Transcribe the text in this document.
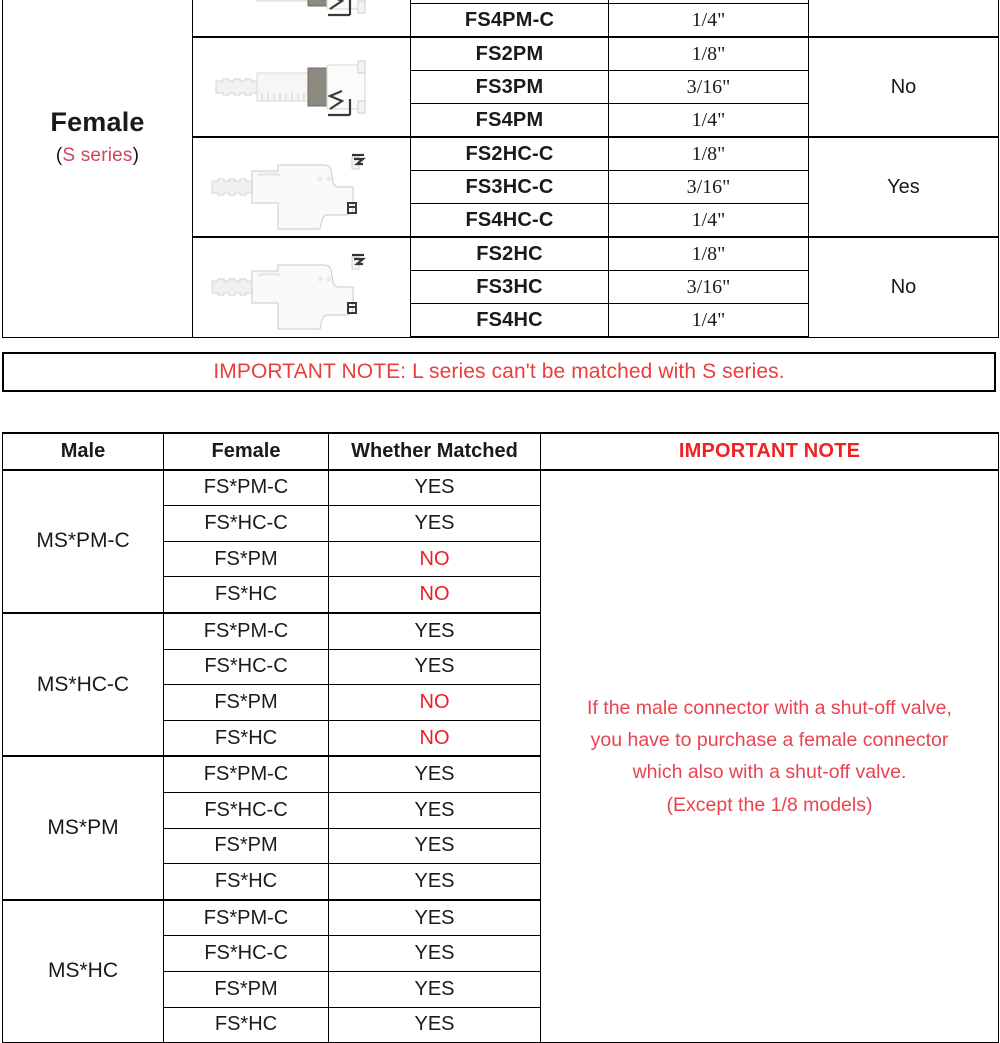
Female
(S series)

		FS4PM-C	1/4"	

	FS2PM	1/8"	No
		FS3PM	3/16"	
		FS4PM	1/4"	

	FS2HC-C	1/8"	Yes
		FS3HC-C	3/16"	
		FS4HC-C	1/4"	

	FS2HC	1/8"	No
		FS3HC	3/16"	
		FS4HC	1/4"	
IMPORTANT NOTE: L series can't be matched with S series.
Male	Female	Whether Matched	IMPORTANT NOTE
MS*PM-C	FS*PM-C	YES	If the male connector with a shut-off valve,
you have to purchase a female connector
which also with a shut-off valve.
(Except the 1/8 models)

	FS*HC-C	YES	
	FS*PM	NO	
	FS*HC	NO	
MS*HC-C	FS*PM-C	YES	
	FS*HC-C	YES	
	FS*PM	NO	
	FS*HC	NO	
MS*PM	FS*PM-C	YES	
	FS*HC-C	YES	
	FS*PM	YES	
	FS*HC	YES	
MS*HC	FS*PM-C	YES	
	FS*HC-C	YES	
	FS*PM	YES	
	FS*HC	YES	
